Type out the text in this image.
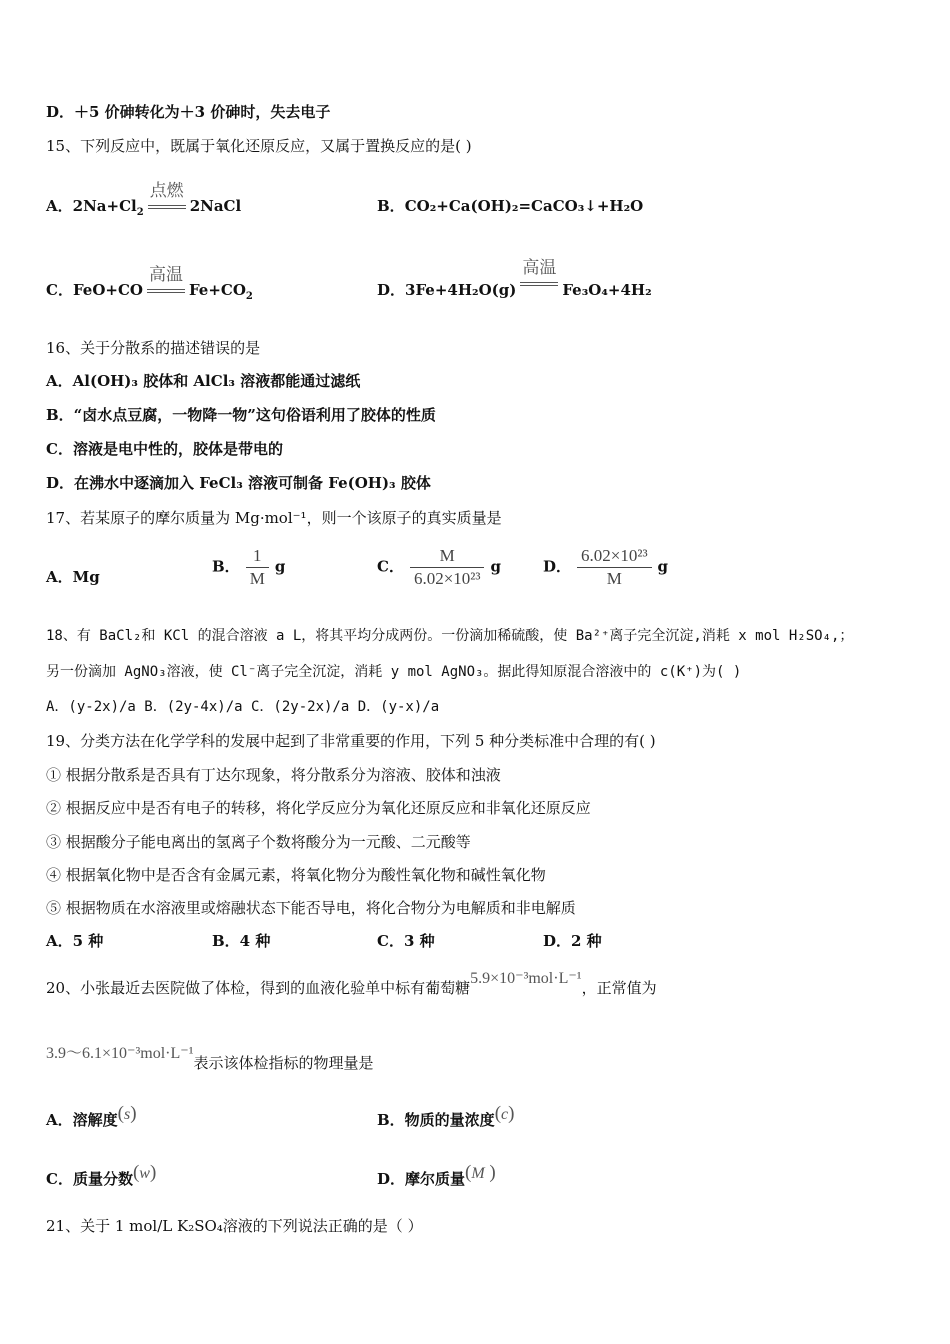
D．＋5 价砷转化为＋3 价砷时，失去电子
15、下列反应中，既属于氧化还原反应，又属于置换反应的是( )
A．$2Na+Cl_2$
点燃
2NaCl	B．CO₂+Ca(OH)₂=CaCO₃↓+H₂O
C．FeO+CO
高温
$Fe+CO_2$	D．3Fe+4H₂O(g)
高温
Fe₃O₄+4H₂
16、关于分散系的描述错误的是
A．Al(OH)₃ 胶体和 AlCl₃ 溶液都能通过滤纸
B．“卤水点豆腐，一物降一物”这句俗语利用了胶体的性质
C．溶液是电中性的，胶体是带电的
D．在沸水中逐滴加入 FeCl₃ 溶液可制备 Fe(OH)₃ 胶体
17、若某原子的摩尔质量为 Mg·mol⁻¹，则一个该原子的真实质量是
A．Mg
B． $\frac{1}{M}$ g	C． $\frac{M}{\text{6.02×10²³}}$ g	D． $\frac{\text{6.02×10²³}}{M}$ g
18、有 BaCl₂和 KCl 的混合溶液 a L，将其平均分成两份。一份滴加稀硫酸，使 Ba²⁺离子完全沉淀,消耗 x mol H₂SO₄,；
另一份滴加 AgNO₃溶液，使 Cl⁻离子完全沉淀，消耗 y mol AgNO₃。据此得知原混合溶液中的 c(K⁺)为( )
A．(y-2x)/a B．(2y-4x)/a C．(2y-2x)/a D．(y-x)/a
19、分类方法在化学学科的发展中起到了非常重要的作用，下列 5 种分类标准中合理的有( )
① 根据分散系是否具有丁达尔现象，将分散系分为溶液、胶体和浊液
② 根据反应中是否有电子的转移，将化学反应分为氧化还原反应和非氧化还原反应
③ 根据酸分子能电离出的氢离子个数将酸分为一元酸、二元酸等
④ 根据氧化物中是否含有金属元素，将氧化物分为酸性氧化物和碱性氧化物
⑤ 根据物质在水溶液里或熔融状态下能否导电，将化合物分为电解质和非电解质
A．5 种	B．4 种	C．3 种	D．2 种
20、小张最近去医院做了体检，得到的血液化验单中标有葡萄糖5.9×10⁻³mol·L⁻¹，正常值为
3.9～6.1×10⁻³mol·L⁻¹表示该体检指标的物理量是
A．溶解度(s)	B．物质的量浓度(c)
C．质量分数(w)	D．摩尔质量(M )
21、关于 1 mol/L K₂SO₄溶液的下列说法正确的是（ ）
